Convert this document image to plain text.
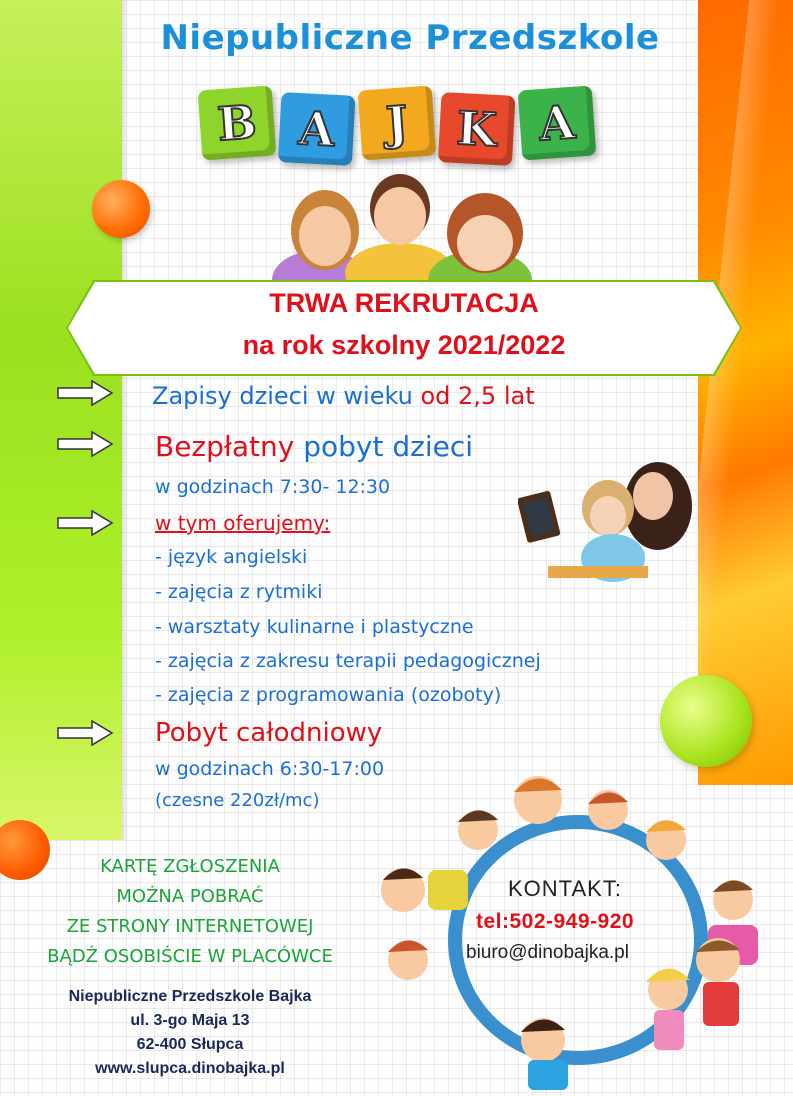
Niepubliczne Przedszkole
B A	J K A
TRWA REKRUTACJA
na rok szkolny 2021/2022
Zapisy dzieci w wieku od 2,5 lat
Bezpłatny pobyt dzieci
w godzinach 7:30- 12:30
w tym oferujemy:
- język angielski
- zajęcia z rytmiki
- warsztaty kulinarne i plastyczne
- zajęcia z zakresu terapii pedagogicznej
- zajęcia z programowania (ozoboty)
Pobyt całodniowy
w godzinach 6:30-17:00
(czesne 220zł/mc)
KARTĘ ZGŁOSZENIA
MOŻNA POBRAĆ
ZE STRONY INTERNETOWEJ
BĄDŹ OSOBIŚCIE W PLACÓWCE
Niepubliczne Przedszkole Bajka
ul. 3-go Maja 13
62-400 Słupca
www.slupca.dinobajka.pl
KONTAKT:
tel:502-949-920
biuro@dinobajka.pl
